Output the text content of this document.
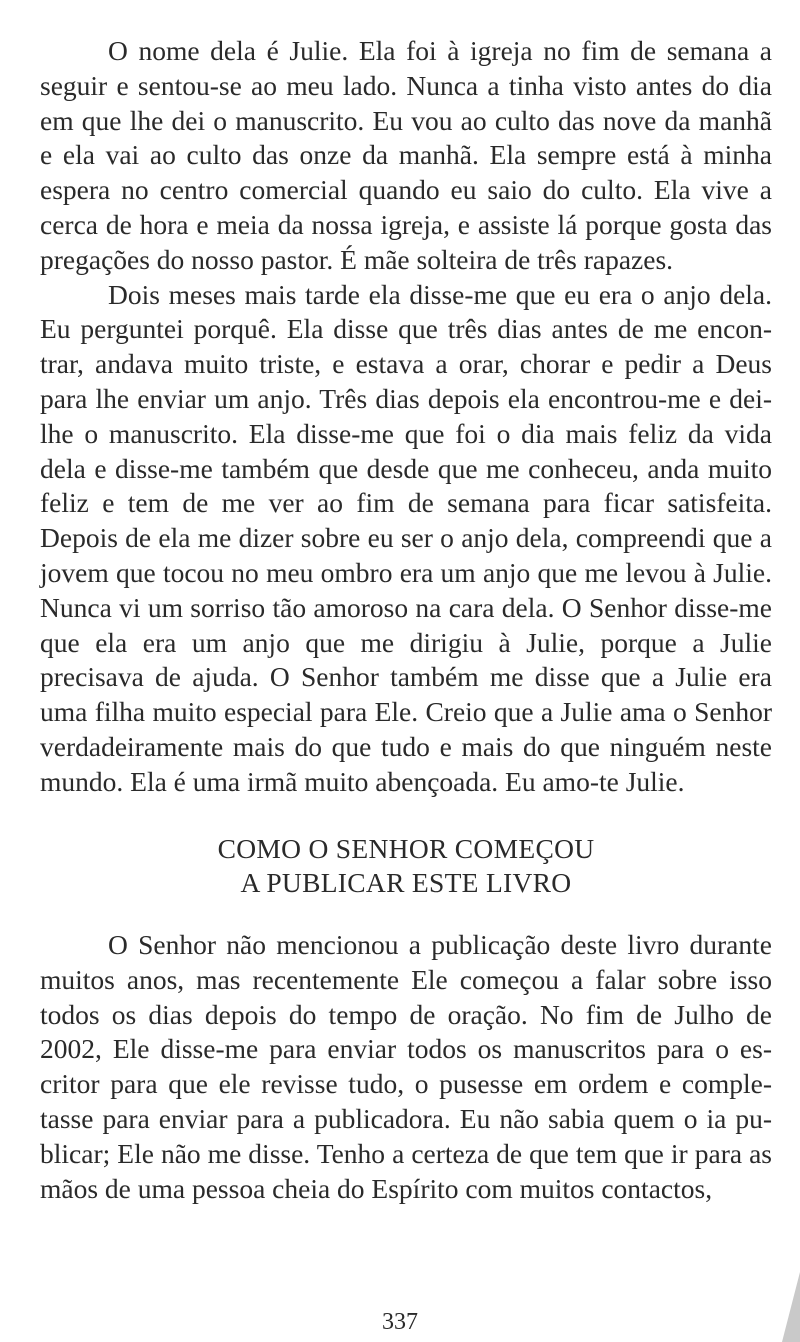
O nome dela é Julie. Ela foi à igreja no fim de semana a seguir e sentou-se ao meu lado. Nunca a tinha visto antes do dia em que lhe dei o manuscrito. Eu vou ao culto das nove da manhã e ela vai ao culto das onze da manhã. Ela sempre está à minha espera no centro comercial quando eu saio do culto. Ela vive a cerca de hora e meia da nossa igreja, e assiste lá porque gosta das pregações do nosso pastor. É mãe solteira de três rapazes.

Dois meses mais tarde ela disse-me que eu era o anjo dela. Eu perguntei porquê. Ela disse que três dias antes de me encontrar, andava muito triste, e estava a orar, chorar e pedir a Deus para lhe enviar um anjo. Três dias depois ela encontrou-me e dei-lhe o manuscrito. Ela disse-me que foi o dia mais feliz da vida dela e disse-me também que desde que me conheceu, anda muito feliz e tem de me ver ao fim de semana para ficar satisfeita. Depois de ela me dizer sobre eu ser o anjo dela, compreendi que a jovem que tocou no meu ombro era um anjo que me levou à Julie. Nunca vi um sorriso tão amoroso na cara dela. O Senhor disse-me que ela era um anjo que me dirigiu à Julie, porque a Julie precisava de ajuda. O Senhor também me disse que a Julie era uma filha muito especial para Ele. Creio que a Julie ama o Senhor verdadeiramente mais do que tudo e mais do que ninguém neste mundo. Ela é uma irmã muito abençoada. Eu amo-te Julie.

COMO O SENHOR COMEÇOU
A PUBLICAR ESTE LIVRO

O Senhor não mencionou a publicação deste livro durante muitos anos, mas recentemente Ele começou a falar sobre isso todos os dias depois do tempo de oração. No fim de Julho de 2002, Ele disse-me para enviar todos os manuscritos para o escritor para que ele revisse tudo, o pusesse em ordem e completasse para enviar para a publicadora. Eu não sabia quem o ia publicar; Ele não me disse. Tenho a certeza de que tem que ir para as mãos de uma pessoa cheia do Espírito com muitos contactos,

337
